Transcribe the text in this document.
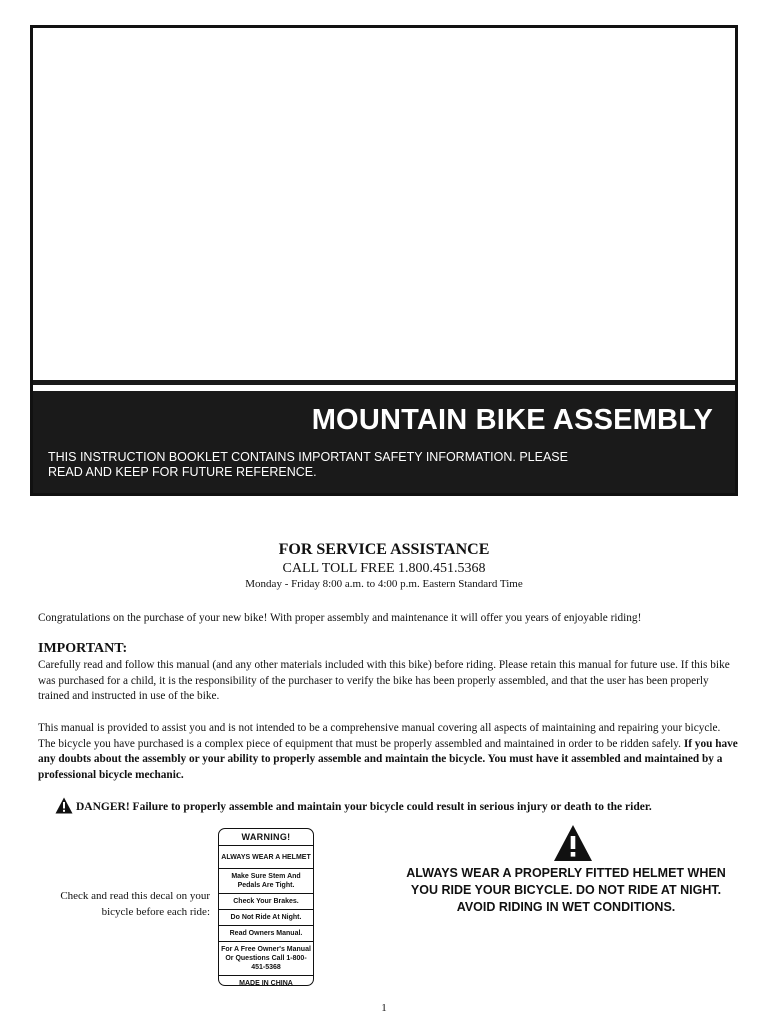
MOUNTAIN BIKE ASSEMBLY

THIS INSTRUCTION BOOKLET CONTAINS IMPORTANT SAFETY INFORMATION. PLEASE READ AND KEEP FOR FUTURE REFERENCE.

FOR SERVICE ASSISTANCE
CALL TOLL FREE 1.800.451.5368
Monday - Friday 8:00 a.m. to 4:00 p.m. Eastern Standard Time

Congratulations on the purchase of your new bike! With proper assembly and maintenance it will offer you years of enjoyable riding!

IMPORTANT:

Carefully read and follow this manual (and any other materials included with this bike) before riding. Please retain this manual for future use. If this bike was purchased for a child, it is the responsibility of the purchaser to verify the bike has been properly assembled, and that the user has been properly trained and instructed in use of the bike.

This manual is provided to assist you and is not intended to be a comprehensive manual covering all aspects of maintaining and repairing your bicycle. The bicycle you have purchased is a complex piece of equipment that must be properly assembled and maintained in order to be ridden safely. If you have any doubts about the assembly or your ability to properly assemble and maintain the bicycle. You must have it assembled and maintained by a professional bicycle mechanic.

DANGER! Failure to properly assemble and maintain your bicycle could result in serious injury or death to the rider.
Check and read this decal on your bicycle before each ride:
WARNING!
ALWAYS WEAR A HELMET
Make Sure Stem And Pedals Are Tight.
Check Your Brakes.
Do Not Ride At Night.
Read Owners Manual.
For A Free Owner's Manual Or Questions Call 1-800-451-5368
MADE IN CHINA
ALWAYS WEAR A PROPERLY FITTED HELMET WHEN YOU RIDE YOUR BICYCLE. DO NOT RIDE AT NIGHT. AVOID RIDING IN WET CONDITIONS.
1
